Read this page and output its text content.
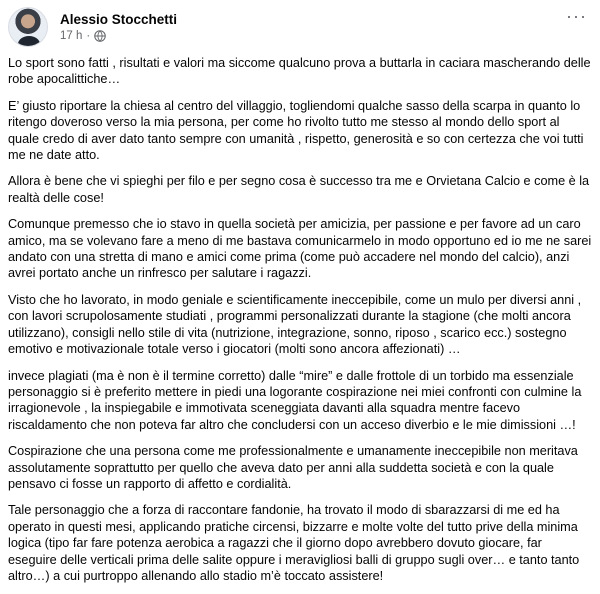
Alessio Stocchetti
17 h ·
···

Lo sport sono fatti , risultati e valori ma siccome qualcuno prova a buttarla in caciara mascherando delle robe apocalittiche…

E’ giusto riportare la chiesa al centro del villaggio, togliendomi qualche sasso della scarpa in quanto lo ritengo doveroso verso la mia persona, per come ho rivolto tutto me stesso al mondo dello sport al quale credo di aver dato tanto sempre con umanità , rispetto, generosità e so con certezza che voi tutti me ne date atto.

Allora è bene che vi spieghi per filo e per segno cosa è successo tra me e Orvietana Calcio e come è la realtà delle cose!

Comunque premesso che io stavo in quella società per amicizia, per passione e per favore ad un caro amico, ma se volevano fare a meno di me bastava comunicarmelo in modo opportuno ed io me ne sarei andato con una stretta di mano e amici come prima (come può accadere nel mondo del calcio), anzi avrei portato anche un rinfresco per salutare i ragazzi.

Visto che ho lavorato, in modo geniale e scientificamente ineccepibile, come un mulo per diversi anni , con lavori scrupolosamente studiati , programmi personalizzati durante la stagione (che molti ancora utilizzano), consigli nello stile di vita (nutrizione, integrazione, sonno, riposo , scarico ecc.) sostegno emotivo e motivazionale totale verso i giocatori (molti sono ancora affezionati) …

invece plagiati (ma è non è il termine corretto) dalle “mire” e dalle frottole di un torbido ma essenziale personaggio si è preferito mettere in piedi una logorante cospirazione nei miei confronti con culmine la irragionevole , la inspiegabile e immotivata sceneggiata davanti alla squadra mentre facevo riscaldamento che non poteva far altro che concludersi con un acceso diverbio e le mie dimissioni …!

Cospirazione che una persona come me professionalmente e umanamente ineccepibile non meritava assolutamente soprattutto per quello che aveva dato per anni alla suddetta società e con la quale pensavo ci fosse un rapporto di affetto e cordialità.

Tale personaggio che a forza di raccontare fandonie, ha trovato il modo di sbarazzarsi di me ed ha operato in questi mesi, applicando pratiche circensi, bizzarre e molte volte del tutto prive della minima logica (tipo far fare potenza aerobica a ragazzi che il giorno dopo avrebbero dovuto giocare, far eseguire delle verticali prima delle salite oppure i meravigliosi balli di gruppo sugli over… e tanto tanto altro…) a cui purtroppo allenando allo stadio m’è toccato assistere!
